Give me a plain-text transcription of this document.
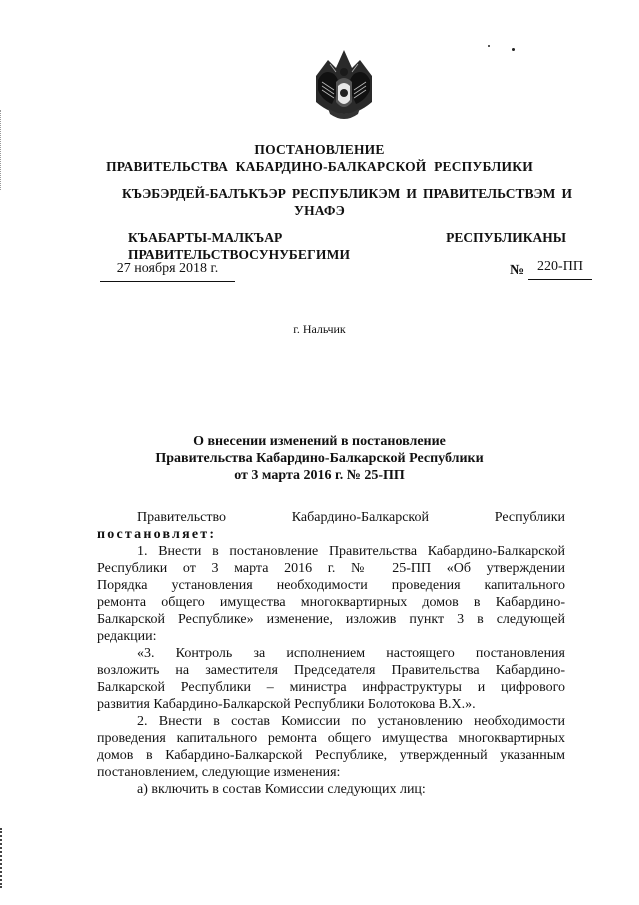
ПОСТАНОВЛЕНИЕ
ПРАВИТЕЛЬСТВА КАБАРДИНО-БАЛКАРСКОЙ РЕСПУБЛИКИ
КЪЭБЭРДЕЙ-БАЛЪКЪЭР РЕСПУБЛИКЭМ И ПРАВИТЕЛЬСТВЭМ И
УНАФЭ
КЪАБАРТЫ-МАЛКЪАР РЕСПУБЛИКАНЫ ПРАВИТЕЛЬСТВОСУНУ БЕГИМИ
27 ноября 2018 г.	№ 220-ПП
г. Нальчик
О внесении изменений в постановление
Правительства Кабардино-Балкарской Республики
от 3 марта 2016 г. № 25-ПП
Правительство Кабардино-Балкарской Республики
постановляет:
1. Внести в постановление Правительства Кабардино-Балкарской
Республики от 3 марта 2016 г. № 25-ПП «Об утверждении
Порядка установления необходимости проведения капитального
ремонта общего имущества многоквартирных домов в Кабардино-
Балкарской Республике» изменение, изложив пункт 3 в следующей
редакции:
«3. Контроль за исполнением настоящего постановления
возложить на заместителя Председателя Правительства Кабардино-
Балкарской Республики – министра инфраструктуры и цифрового
развития Кабардино-Балкарской Республики Болотокова В.Х.».
2. Внести в состав Комиссии по установлению необходимости
проведения капитального ремонта общего имущества многоквартирных
домов в Кабардино-Балкарской Республике, утвержденный указанным
постановлением, следующие изменения:
а) включить в состав Комиссии следующих лиц:
